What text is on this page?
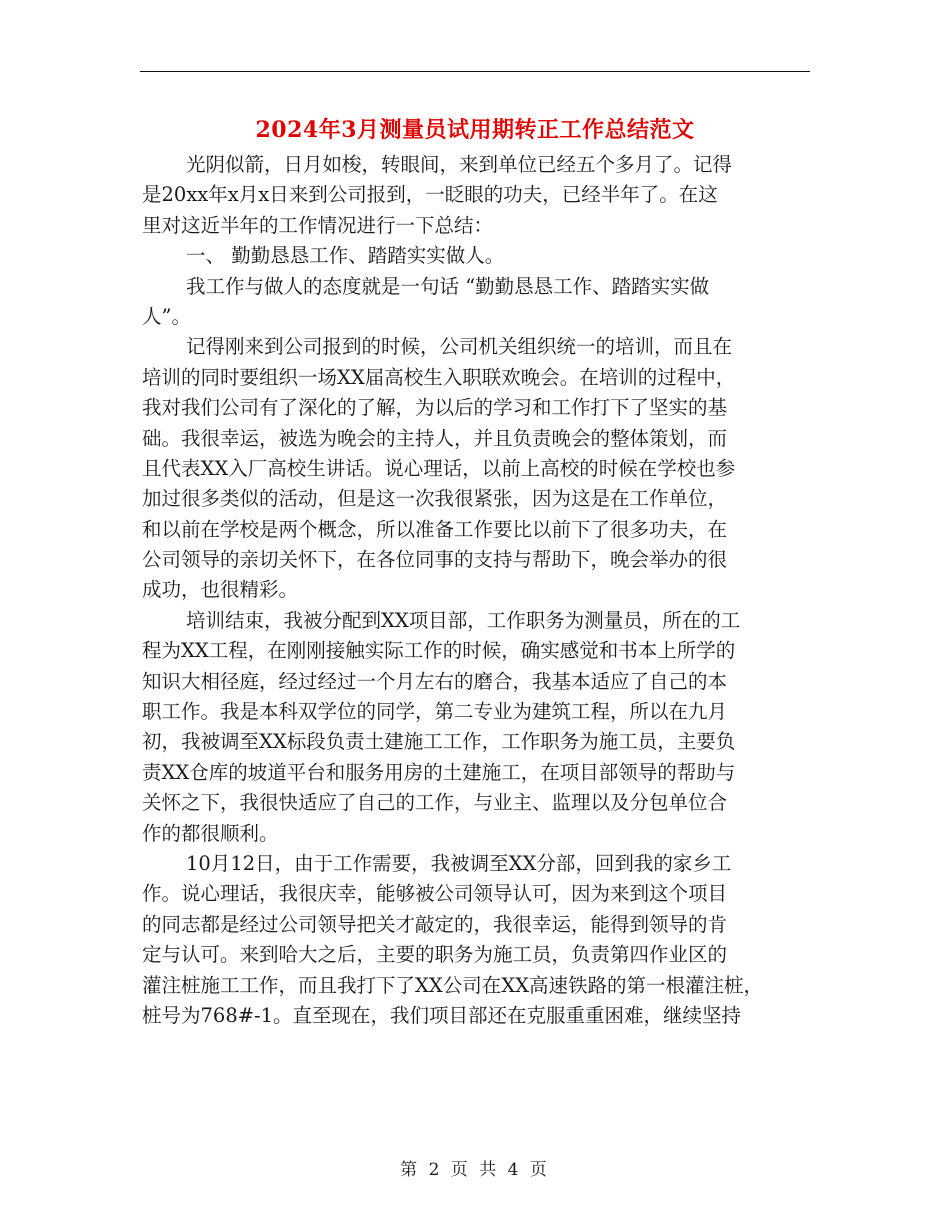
2024年3月测量员试用期转正工作总结范文
光阴似箭，日月如梭，转眼间，来到单位已经五个多月了。记得
是20xx年x月x日来到公司报到，一眨眼的功夫，已经半年了。在这
里对这近半年的工作情况进行一下总结：
一、 勤勤恳恳工作、踏踏实实做人。
我工作与做人的态度就是一句话 “勤勤恳恳工作、踏踏实实做
人”。
记得刚来到公司报到的时候，公司机关组织统一的培训，而且在
培训的同时要组织一场XX届高校生入职联欢晚会。在培训的过程中，
我对我们公司有了深化的了解，为以后的学习和工作打下了坚实的基
础。我很幸运，被选为晚会的主持人，并且负责晚会的整体策划，而
且代表XX入厂高校生讲话。说心理话，以前上高校的时候在学校也参
加过很多类似的活动，但是这一次我很紧张，因为这是在工作单位，
和以前在学校是两个概念，所以准备工作要比以前下了很多功夫，在
公司领导的亲切关怀下，在各位同事的支持与帮助下，晚会举办的很
成功，也很精彩。
培训结束，我被分配到XX项目部，工作职务为测量员，所在的工
程为XX工程，在刚刚接触实际工作的时候，确实感觉和书本上所学的
知识大相径庭，经过经过一个月左右的磨合，我基本适应了自己的本
职工作。我是本科双学位的同学，第二专业为建筑工程，所以在九月
初，我被调至XX标段负责土建施工工作，工作职务为施工员，主要负
责XX仓库的坡道平台和服务用房的土建施工，在项目部领导的帮助与
关怀之下，我很快适应了自己的工作，与业主、监理以及分包单位合
作的都很顺利。
10月12日，由于工作需要，我被调至XX分部，回到我的家乡工
作。说心理话，我很庆幸，能够被公司领导认可，因为来到这个项目
的同志都是经过公司领导把关才敲定的，我很幸运，能得到领导的肯
定与认可。来到哈大之后，主要的职务为施工员，负责第四作业区的
灌注桩施工工作，而且我打下了XX公司在XX高速铁路的第一根灌注桩，
桩号为768#-1。直至现在，我们项目部还在克服重重困难，继续坚持
第 2 页 共 4 页
